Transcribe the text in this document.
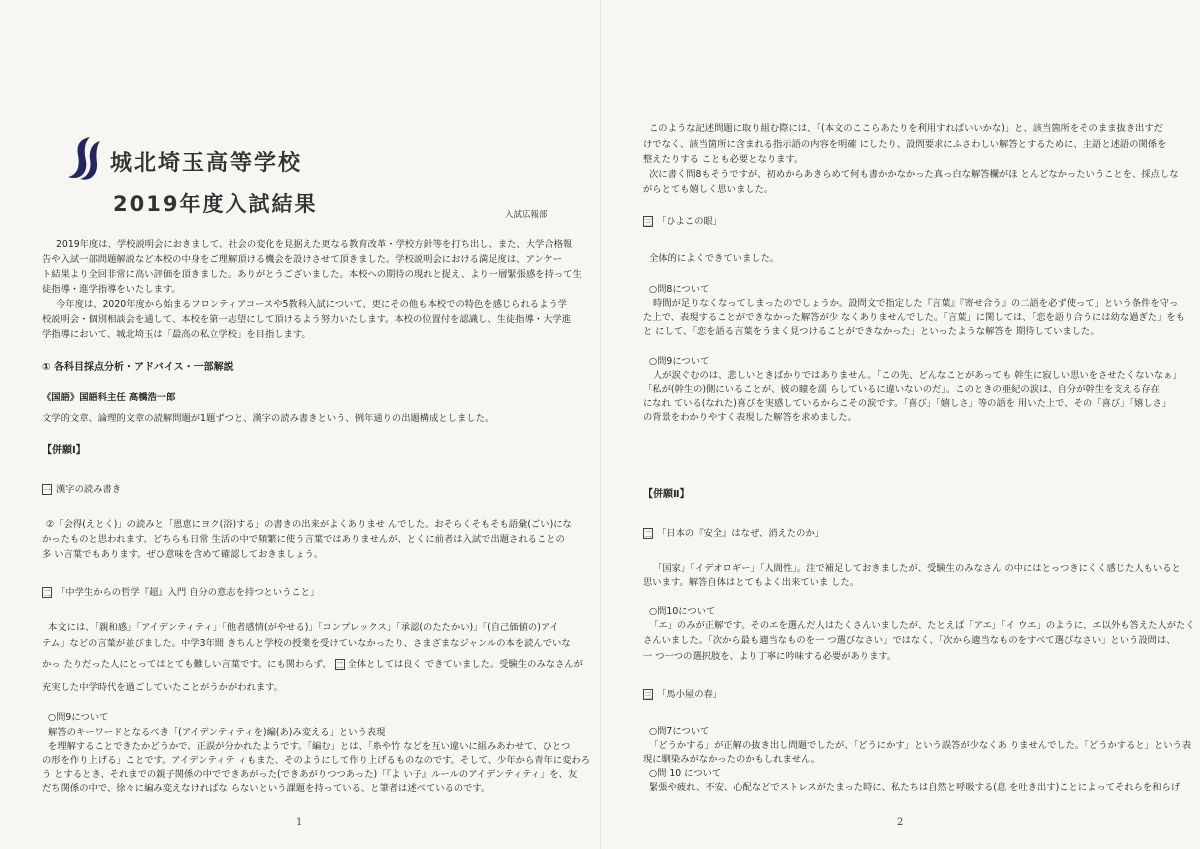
城北埼玉高等学校
2019年度入試結果	入試広報部
2019年度は、学校説明会におきまして、社会の変化を見据えた更なる教育改革・学校方針等を打ち出し、また、大学合格報
告や入試一部問題解説など本校の中身をご理解頂ける機会を設けさせて頂きました。学校説明会における満足度は、アンケー
ト結果より全回非常に高い評価を頂きました。ありがとうございました。本校への期待の現れと捉え、より一層緊張感を持って生
徒指導・進学指導をいたします。
今年度は、2020年度から始まるフロンティアコースや5教科入試について、更にその他も本校での特色を感じられるよう学
校説明会・個別相談会を通して、本校を第一志望にして頂けるよう努力いたします。本校の位置付を認識し、生徒指導・大学進
学指導において、城北埼玉は「最高の私立学校」を目指します。
① 各科目採点分析・アドバイス・一部解説
《国語》国語科主任 高橋浩一郎
文学的文章、論理的文章の読解問題が1題ずつと、漢字の読み書きという、例年通りの出題構成としました。
【併願Ⅰ】
一 漢字の読み書き
②「会得(えとく)」の読みと「恩恵にヨク(浴)する」の書きの出来がよくありませ んでした。おそらくそもそも語彙(ごい)にな
かったものと思われます。どちらも日常 生活の中で頻繁に使う言葉ではありませんが、とくに前者は入試で出題されることの
多 い言葉でもあります。ぜひ意味を含めて確認しておきましょう。
二 「中学生からの哲学『超』入門 自分の意志を持つということ」
本文には、「親和感」「アイデンティティ」「他者感情(がやせる)」「コンプレックス」「承認(のたたかい)」「(自己価値の)アイ
テム」などの言葉が並びました。中学3年間 きちんと学校の授業を受けていなかったり、さまざまなジャンルの本を読んでいな
かっ たりだった人にとってはとても難しい言葉です。にも関わらず、 二 全体としては良く できていました。受験生のみなさんが
充実した中学時代を過ごしていたことがうかがわれます。
○問9について
解答のキーワードとなるべき「(アイデンティティを)編(あ)み変える」という表現
を理解することできたかどうかで、正誤が分かれたようです。「編む」とは、「糸や竹 などを互い違いに組みあわせて、ひとつ
の形を作り上げる」ことです。アイデンティテ ィもまた、そのようにして作り上げるものなのです。そして、少年から青年に変わろ
う とするとき、それまでの親子関係の中でできあがった(できあがりつつあった)「『よ い子』ルールのアイデンティティ」を、友
だち関係の中で、徐々に編み変えなければな らないという課題を持っている、と筆者は述べているのです。
1
このような記述問題に取り組む際には、「(本文のここらあたりを利用すればいいかな)」と、該当箇所をそのまま抜き出すだ
けでなく、該当箇所に含まれる指示語の内容を明確 にしたり、設問要求にふさわしい解答とするために、主語と述語の関係を
整えたりする ことも必要となります。
次に書く問8もそうですが、初めからあきらめて何も書かかなかった真っ白な解答欄がほ とんどなかったいうことを、採点しな
がらとても嬉しく思いました。
三 「ひよこの眼」
全体的によくできていました。
○問8について
時間が足りなくなってしまったのでしょうか。設問文で指定した『言葉』『寄せ合う』の二語を必ず使って」という条件を守っ
た上で、表現することができなかった解答が少 なくありませんでした。「言葉」に関しては、「恋を語り合うには幼な過ぎた」をも
と にして、「恋を語る言葉をうまく見つけることができなかった」といったような解答を 期待していました。
○問9について
人が涙ぐむのは、悲しいときばかりではありません。「この先、どんなことがあっても 幹生に寂しい思いをさせたくないなぁ」
「私が(幹生の)側にいることが、彼の瞳を濡 らしているに違いないのだ」。このときの亜紀の涙は、自分が幹生を支える存在
になれ ている(なれた)喜びを実感しているからこその涙です。「喜び」「嬉しさ」等の語を 用いた上で、その「喜び」「嬉しさ」
の背景をわかりやすく表現した解答を求めました。
【併願Ⅱ】
二 「日本の『安全』はなぜ、消えたのか」
「国家」「イデオロギー」「人間性」。注で補足しておきましたが、受験生のみなさん の中にはとっつきにくく感じた人もいると
思います。解答自体はとてもよく出来ていま した。
○問10について
「エ」のみが正解です。そのエを選んだ人はたくさんいましたが、たとえば「アエ」「イ ウエ」のように、エ以外も答えた人がたく
さんいました。「次から最も適当なものを一 つ選びなさい」ではなく、「次から適当なものをすべて選びなさい」という設問は、
一 つ一つの選択肢を、より丁寧に吟味する必要があります。
三 「馬小屋の春」
○問7について
「どうかする」が正解の抜き出し問題でしたが、「どうにかす」という誤答が少なくあ りませんでした。「どうかすると」という表
現に馴染みがなかったのかもしれません。
○問 10 について
緊張や疲れ、不安、心配などでストレスがたまった時に、私たちは自然と呼吸する(息 を吐き出す)ことによってそれらを和らげ
2
